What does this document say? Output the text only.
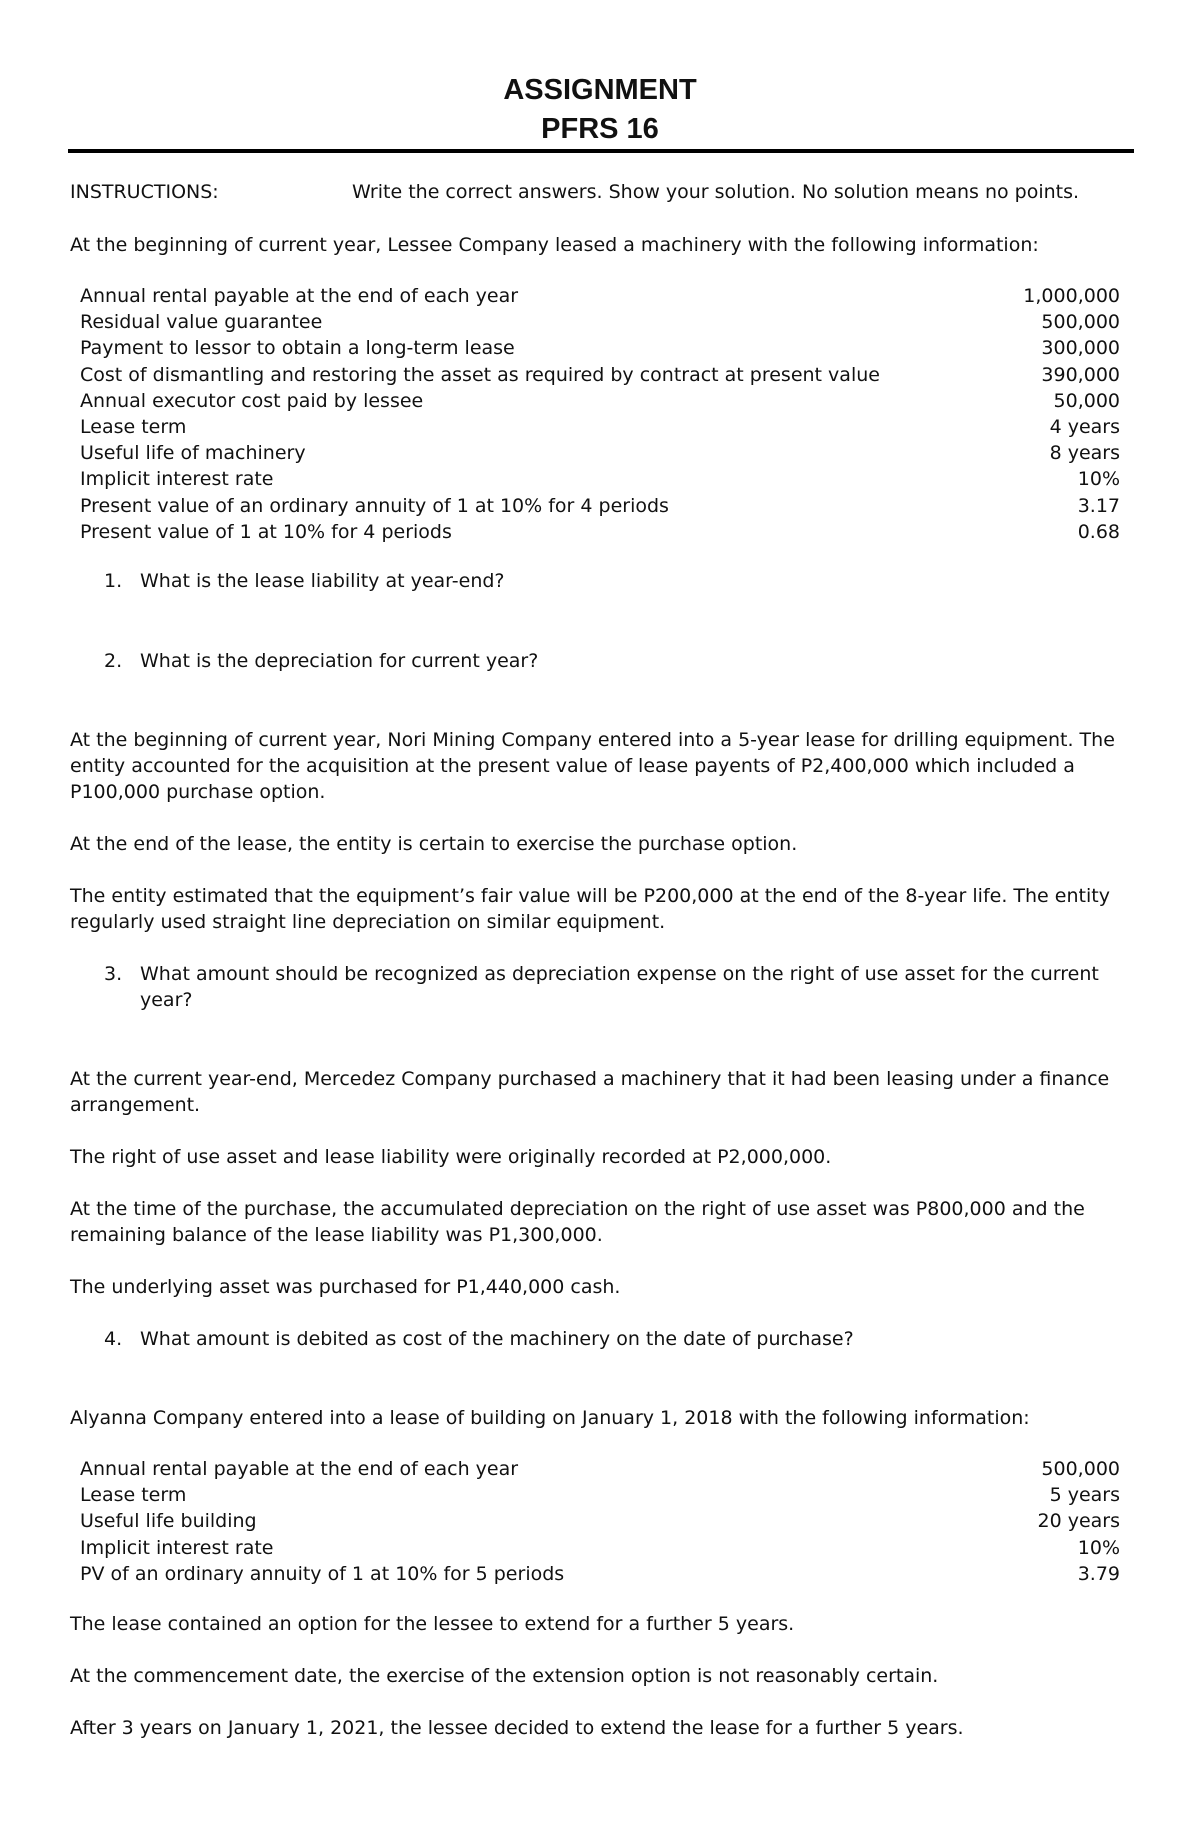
ASSIGNMENT
PFRS 16
INSTRUCTIONS:	Write the correct answers. Show your solution. No solution means no points.
At the beginning of current year, Lessee Company leased a machinery with the following information:
Annual rental payable at the end of each year	1,000,000
Residual value guarantee	500,000
Payment to lessor to obtain a long-term lease	300,000
Cost of dismantling and restoring the asset as required by contract at present value	390,000
Annual executor cost paid by lessee	50,000
Lease term	4 years
Useful life of machinery	8 years
Implicit interest rate	10%
Present value of an ordinary annuity of 1 at 10% for 4 periods	3.17
Present value of 1 at 10% for 4 periods	0.68
1. What is the lease liability at year-end?
2. What is the depreciation for current year?
At the beginning of current year, Nori Mining Company entered into a 5-year lease for drilling equipment. The entity accounted for the acquisition at the present value of lease payents of P2,400,000 which included a P100,000 purchase option.
At the end of the lease, the entity is certain to exercise the purchase option.
The entity estimated that the equipment’s fair value will be P200,000 at the end of the 8-year life. The entity regularly used straight line depreciation on similar equipment.
3. What amount should be recognized as depreciation expense on the right of use asset for the current year?
At the current year-end, Mercedez Company purchased a machinery that it had been leasing under a finance arrangement.
The right of use asset and lease liability were originally recorded at P2,000,000.
At the time of the purchase, the accumulated depreciation on the right of use asset was P800,000 and the remaining balance of the lease liability was P1,300,000.
The underlying asset was purchased for P1,440,000 cash.
4. What amount is debited as cost of the machinery on the date of purchase?
Alyanna Company entered into a lease of building on January 1, 2018 with the following information:
Annual rental payable at the end of each year	500,000
Lease term	5 years
Useful life building	20 years
Implicit interest rate	10%
PV of an ordinary annuity of 1 at 10% for 5 periods	3.79
The lease contained an option for the lessee to extend for a further 5 years.
At the commencement date, the exercise of the extension option is not reasonably certain.
After 3 years on January 1, 2021, the lessee decided to extend the lease for a further 5 years.
